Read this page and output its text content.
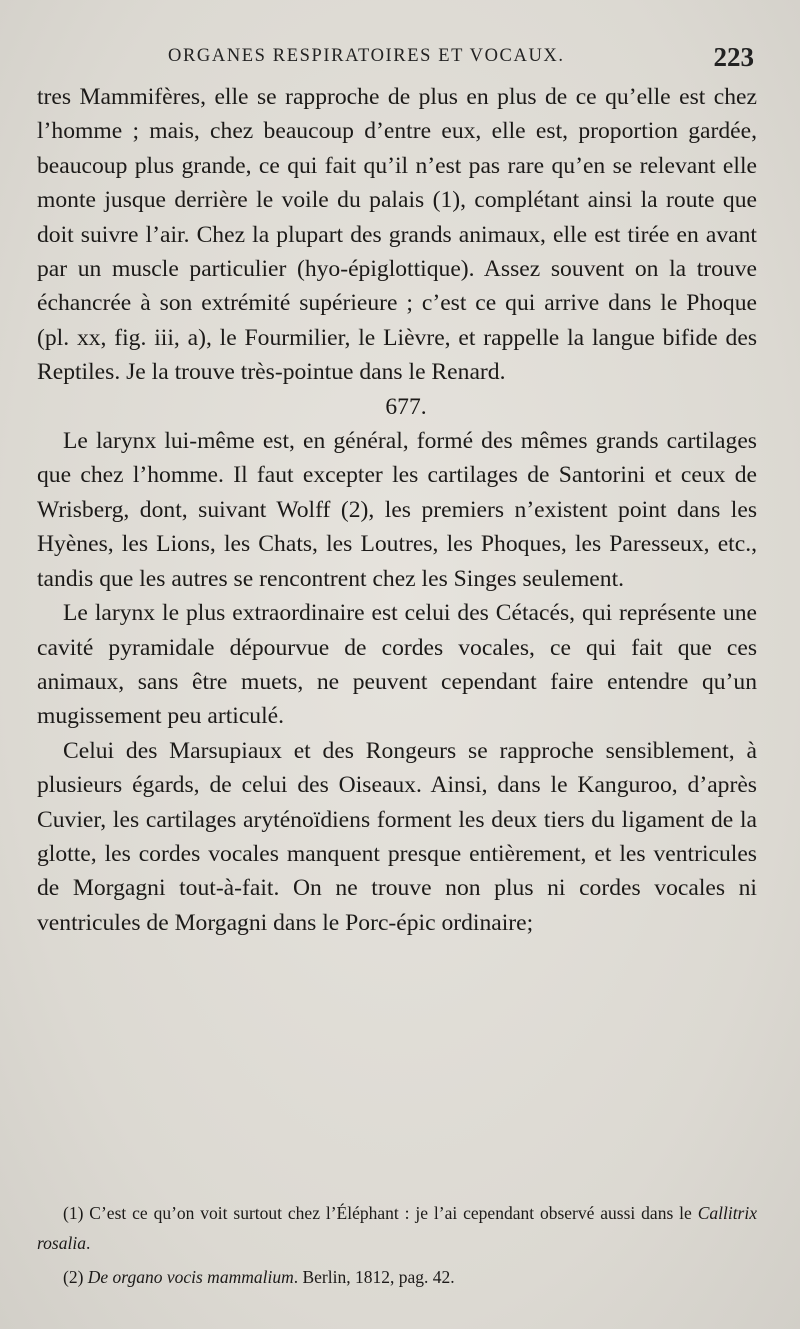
ORGANES RESPIRATOIRES ET VOCAUX.	223

tres Mammifères, elle se rapproche de plus en plus de ce qu’elle est chez l’homme ; mais, chez beaucoup d’entre eux, elle est, proportion gardée, beaucoup plus grande, ce qui fait qu’il n’est pas rare qu’en se relevant elle monte jusque derrière le voile du palais (1), complétant ainsi la route que doit suivre l’air. Chez la plupart des grands animaux, elle est tirée en avant par un muscle particulier (hyo-épiglottique). Assez souvent on la trouve échancrée à son extrémité supérieure ; c’est ce qui arrive dans le Phoque (pl. xx, fig. iii, a), le Fourmilier, le Lièvre, et rappelle la langue bifide des Reptiles. Je la trouve très-pointue dans le Renard.

677.

Le larynx lui-même est, en général, formé des mêmes grands cartilages que chez l’homme. Il faut excepter les cartilages de Santorini et ceux de Wrisberg, dont, suivant Wolff (2), les premiers n’existent point dans les Hyènes, les Lions, les Chats, les Loutres, les Phoques, les Paresseux, etc., tandis que les autres se rencontrent chez les Singes seulement.

Le larynx le plus extraordinaire est celui des Cétacés, qui représente une cavité pyramidale dépourvue de cordes vocales, ce qui fait que ces animaux, sans être muets, ne peuvent cependant faire entendre qu’un mugissement peu articulé.

Celui des Marsupiaux et des Rongeurs se rapproche sensiblement, à plusieurs égards, de celui des Oiseaux. Ainsi, dans le Kanguroo, d’après Cuvier, les cartilages aryténoïdiens forment les deux tiers du ligament de la glotte, les cordes vocales manquent presque entièrement, et les ventricules de Morgagni tout-à-fait. On ne trouve non plus ni cordes vocales ni ventricules de Morgagni dans le Porc-épic ordinaire;

(1) C’est ce qu’on voit surtout chez l’Éléphant : je l’ai cependant observé aussi dans le Callitrix rosalia.

(2) De organo vocis mammalium. Berlin, 1812, pag. 42.
